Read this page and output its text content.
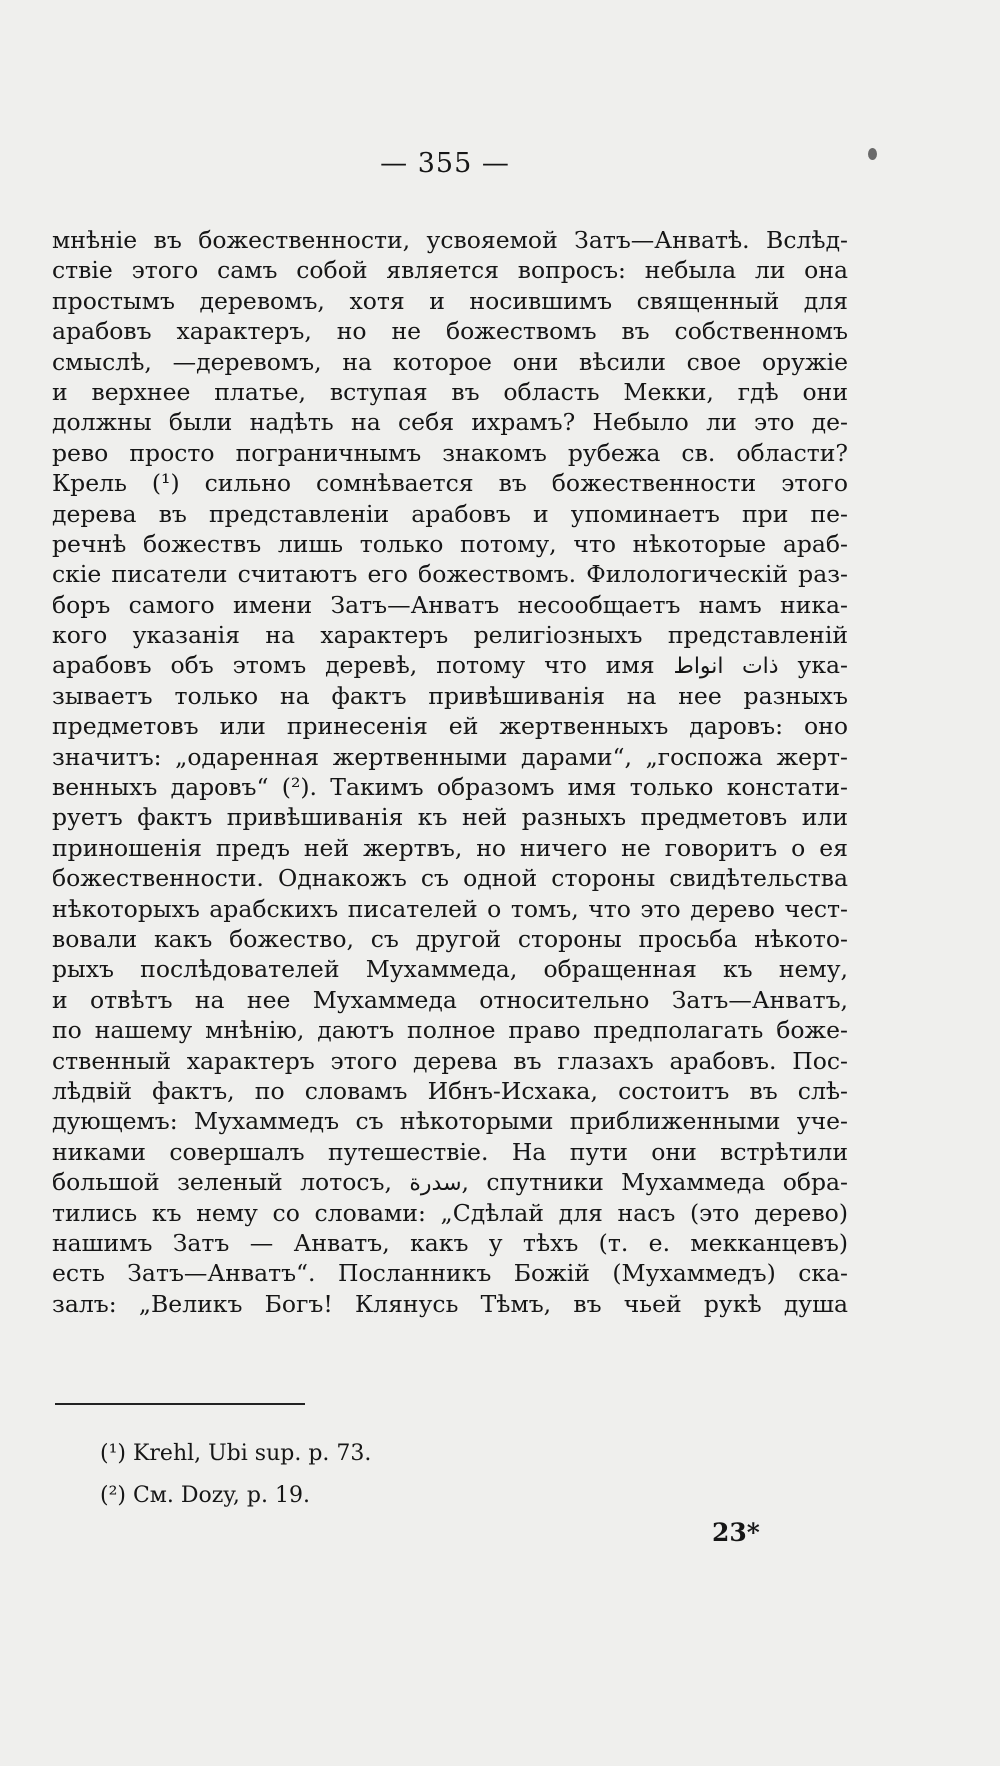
— 355 —
мнѣніе въ божественности, усвояемой Затъ—Анватѣ. Вслѣд-
ствіе этого самъ собой является вопросъ: небыла ли она
простымъ деревомъ, хотя и носившимъ священный для
арабовъ характеръ, но не божествомъ въ собственномъ
смыслѣ, —деревомъ, на которое они вѣсили свое оружіе
и верхнее платье, вступая въ область Мекки, гдѣ они
должны были надѣть на себя ихрамъ? Небыло ли это де-
рево просто пограничнымъ знакомъ рубежа св. области?
Крель (¹) сильно сомнѣвается въ божественности этого
дерева въ представленіи арабовъ и упоминаетъ при пе-
речнѣ божествъ лишь только потому, что нѣкоторые араб-
скіе писатели считаютъ его божествомъ. Филологическій раз-
боръ самого имени Затъ—Анватъ несообщаетъ намъ ника-
кого указанія на характеръ религіозныхъ представленій
арабовъ объ этомъ деревѣ, потому что имя ذات انواط ука-
зываетъ только на фактъ привѣшиванія на нее разныхъ
предметовъ или принесенія ей жертвенныхъ даровъ: оно
значитъ: „одаренная жертвенными дарами“, „госпожа жерт-
венныхъ даровъ“ (²). Такимъ образомъ имя только констати-
руетъ фактъ привѣшиванія къ ней разныхъ предметовъ или
приношенія предъ ней жертвъ, но ничего не говоритъ о ея
божественности. Однакожъ съ одной стороны свидѣтельства
нѣкоторыхъ арабскихъ писателей о томъ, что это дерево чест-
вовали какъ божество, съ другой стороны просьба нѣкото-
рыхъ послѣдователей Мухаммеда, обращенная къ нему,
и отвѣтъ на нее Мухаммеда относительно Затъ—Анватъ,
по нашему мнѣнію, даютъ полное право предполагать боже-
ственный характеръ этого дерева въ глазахъ арабовъ. Пос-
лѣдвій фактъ, по словамъ Ибнъ-Исхака, состоитъ въ слѣ-
дующемъ: Мухаммедъ съ нѣкоторыми приближенными уче-
никами совершалъ путешествіе. На пути они встрѣтили
большой зеленый лотосъ, سدرة, спутники Мухаммеда обра-
тились къ нему со словами: „Сдѣлай для насъ (это дерево)
нашимъ Затъ — Анватъ, какъ у тѣхъ (т. е. мекканцевъ)
есть Затъ—Анватъ“. Посланникъ Божій (Мухаммедъ) ска-
залъ: „Великъ Богъ! Клянусь Тѣмъ, въ чьей рукѣ душа
(¹) Krehl, Ubi sup. p. 73.
(²) См. Dozy, p. 19.
23*
